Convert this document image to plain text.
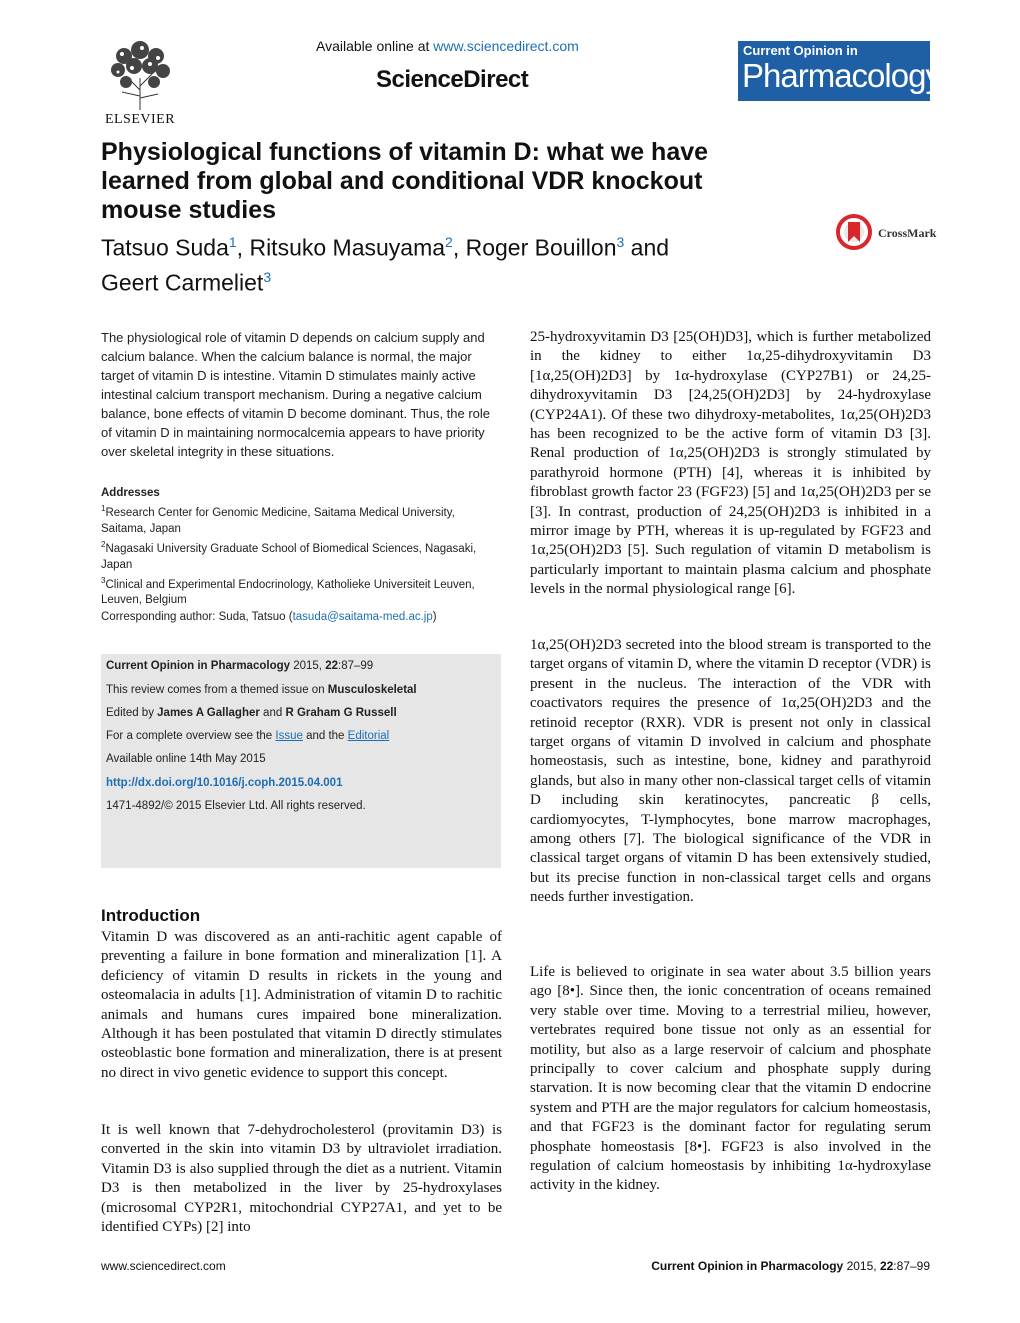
ELSEVIER
Available online at www.sciencedirect.com
ScienceDirect
Current Opinion in
Pharmacology
Physiological functions of vitamin D: what we have learned from global and conditional VDR knockout mouse studies
Tatsuo Suda$^1$, Ritsuko Masuyama$^2$, Roger Bouillon$^3$ and
Geert Carmeliet$^3$
CrossMark
The physiological role of vitamin D depends on calcium supply and calcium balance. When the calcium balance is normal, the major target of vitamin D is intestine. Vitamin D stimulates mainly active intestinal calcium transport mechanism. During a negative calcium balance, bone effects of vitamin D become dominant. Thus, the role of vitamin D in maintaining normocalcemia appears to have priority over skeletal integrity in these situations.
Addresses
$^1$Research Center for Genomic Medicine, Saitama Medical University, Saitama, Japan
$^2$Nagasaki University Graduate School of Biomedical Sciences, Nagasaki, Japan
$^3$Clinical and Experimental Endocrinology, Katholieke Universiteit Leuven, Leuven, Belgium
Corresponding author: Suda, Tatsuo (tasuda@saitama-med.ac.jp)
Current Opinion in Pharmacology 2015, 22:87–99
This review comes from a themed issue on Musculoskeletal
Edited by James A Gallagher and R Graham G Russell
For a complete overview see the Issue and the Editorial
Available online 14th May 2015
http://dx.doi.org/10.1016/j.coph.2015.04.001
1471-4892/© 2015 Elsevier Ltd. All rights reserved.
Introduction
Vitamin D was discovered as an anti-rachitic agent capable of preventing a failure in bone formation and mineralization [1]. A deficiency of vitamin D results in rickets in the young and osteomalacia in adults [1]. Administration of vitamin D to rachitic animals and humans cures impaired bone mineralization. Although it has been postulated that vitamin D directly stimulates osteoblastic bone formation and mineralization, there is at present no direct in vivo genetic evidence to support this concept.
It is well known that 7-dehydrocholesterol (provitamin D3) is converted in the skin into vitamin D3 by ultraviolet irradiation. Vitamin D3 is also supplied through the diet as a nutrient. Vitamin D3 is then metabolized in the liver by 25-hydroxylases (microsomal CYP2R1, mitochondrial CYP27A1, and yet to be identified CYPs) [2] into
25-hydroxyvitamin D3 [25(OH)D3], which is further metabolized in the kidney to either 1α,25-dihydroxyvitamin D3 [1α,25(OH)2D3] by 1α-hydroxylase (CYP27B1) or 24,25-dihydroxyvitamin D3 [24,25(OH)2D3] by 24-hydroxylase (CYP24A1). Of these two dihydroxy-metabolites, 1α,25(OH)2D3 has been recognized to be the active form of vitamin D3 [3]. Renal production of 1α,25(OH)2D3 is strongly stimulated by parathyroid hormone (PTH) [4], whereas it is inhibited by fibroblast growth factor 23 (FGF23) [5] and 1α,25(OH)2D3 per se [3]. In contrast, production of 24,25(OH)2D3 is inhibited in a mirror image by PTH, whereas it is up-regulated by FGF23 and 1α,25(OH)2D3 [5]. Such regulation of vitamin D metabolism is particularly important to maintain plasma calcium and phosphate levels in the normal physiological range [6].
1α,25(OH)2D3 secreted into the blood stream is transported to the target organs of vitamin D, where the vitamin D receptor (VDR) is present in the nucleus. The interaction of the VDR with coactivators requires the presence of 1α,25(OH)2D3 and the retinoid receptor (RXR). VDR is present not only in classical target organs of vitamin D involved in calcium and phosphate homeostasis, such as intestine, bone, kidney and parathyroid glands, but also in many other non-classical target cells of vitamin D including skin keratinocytes, pancreatic β cells, cardiomyocytes, T-lymphocytes, bone marrow macrophages, among others [7]. The biological significance of the VDR in classical target organs of vitamin D has been extensively studied, but its precise function in non-classical target cells and organs needs further investigation.
Life is believed to originate in sea water about 3.5 billion years ago [8•]. Since then, the ionic concentration of oceans remained very stable over time. Moving to a terrestrial milieu, however, vertebrates required bone tissue not only as an essential for motility, but also as a large reservoir of calcium and phosphate principally to cover calcium and phosphate supply during starvation. It is now becoming clear that the vitamin D endocrine system and PTH are the major regulators for calcium homeostasis, and that FGF23 is the dominant factor for regulating serum phosphate homeostasis [8•]. FGF23 is also involved in the regulation of calcium homeostasis by inhibiting 1α-hydroxylase activity in the kidney.
www.sciencedirect.com	Current Opinion in Pharmacology 2015, 22:87–99
